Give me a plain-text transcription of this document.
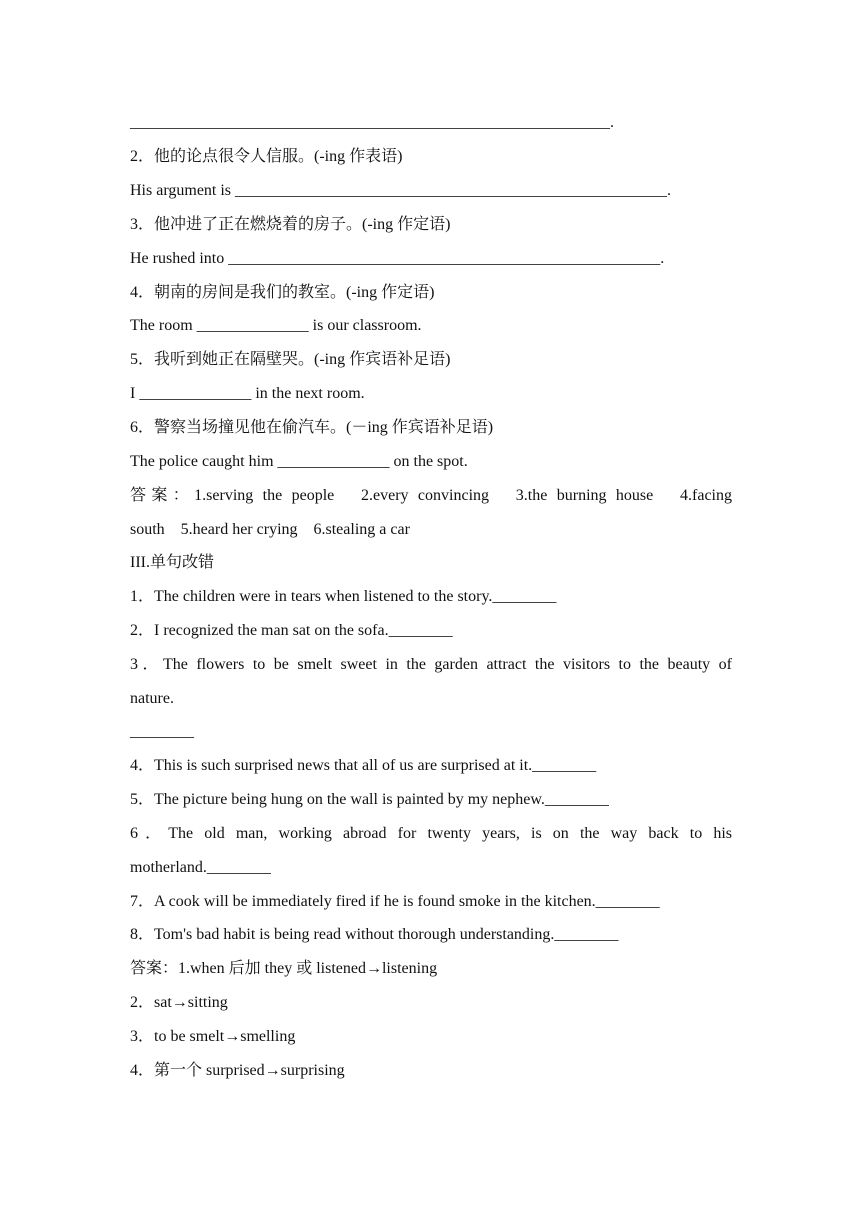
____________________________________________________________.
2．他的论点很令人信服。(-ing 作表语)
His argument is ______________________________________________________.
3．他冲进了正在燃烧着的房子。(-ing 作定语)
He rushed into ______________________________________________________.
4．朝南的房间是我们的教室。(-ing 作定语)
The room ______________ is our classroom.
5．我听到她正在隔壁哭。(-ing 作宾语补足语)
I ______________ in the next room.
6．警察当场撞见他在偷汽车。(－ing 作宾语补足语)
The police caught him ______________ on the spot.
答案：1.serving the people　2.every convincing　3.the burning house　4.facing
south　5.heard her crying　6.stealing a car
III.单句改错
1．The children were in tears when listened to the story.________
2．I recognized the man sat on the sofa.________
3．The flowers to be smelt sweet in the garden attract the visitors to the beauty of
nature.
________
4．This is such surprised news that all of us are surprised at it.________
5．The picture being hung on the wall is painted by my nephew.________
6．The old man, working abroad for twenty years, is on the way back to his
motherland.________
7．A cook will be immediately fired if he is found smoke in the kitchen.________
8．Tom's bad habit is being read without thorough understanding.________
答案：1.when 后加 they 或 listened→listening
2．sat→sitting
3．to be smelt→smelling
4．第一个 surprised→surprising
